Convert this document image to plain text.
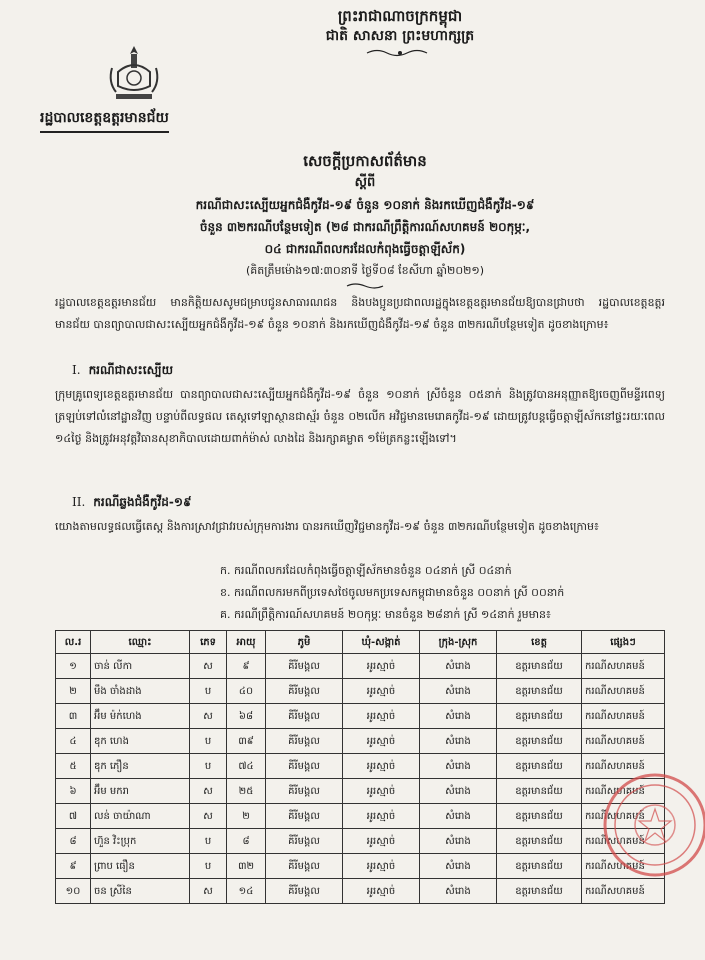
ព្រះរាជាណាចក្រកម្ពុជា
ជាតិ សាសនា ព្រះមហាក្សត្រ
រដ្ឋបាលខេត្តឧត្តរមានជ័យ
សេចក្តីប្រកាសព័ត៌មាន
ស្តីពី
ករណីជាសះស្បើយអ្នកជំងឺកូវីដ-១៩ ចំនួន ១០នាក់ និងរកឃើញជំងឺកូវីដ-១៩
ចំនួន ៣២ករណីបន្ថែមទៀត (២៨ ជាករណីព្រឹត្តិការណ៍សហគមន៍ ២០កុម្ភៈ,
០៤ ជាករណីពលករដែលកំពុងធ្វើចត្តាឡីស័ក)
(គិតត្រឹមម៉ោង១៧:៣០នាទី ថ្ងៃទី០៨ ខែសីហា ឆ្នាំ២០២១)
រដ្ឋបាលខេត្តឧត្តរមានជ័យ មានកិត្តិយសសូមជម្រាបជូនសាធារណជន និងបងប្អូនប្រជាពលរដ្ឋក្នុងខេត្តឧត្តរមានជ័យឱ្យបានជ្រាបថា រដ្ឋបាលខេត្តឧត្តរមានជ័យ បានព្យាបាលជាសះស្បើយអ្នកជំងឺកូវីដ-១៩ ចំនួន ១០នាក់ និងរកឃើញជំងឺកូវីដ-១៩ ចំនួន ៣២ករណីបន្ថែមទៀត ដូចខាងក្រោម៖
I. ករណីជាសះស្បើយ
ក្រុមគ្រូពេទ្យខេត្តឧត្តរមានជ័យ បានព្យាបាលជាសះស្បើយអ្នកជំងឺកូវីដ-១៩ ចំនួន ១០នាក់ ស្រីចំនួន ០៥នាក់ និងត្រូវបានអនុញ្ញាតឱ្យចេញពីមន្ទីរពេទ្យត្រឡប់ទៅលំនៅដ្ឋានវិញ បន្ទាប់ពីលទ្ធផល តេស្តទៅឡាស្ថានជាស្ម័រ ចំនួន ០២លើក អវិជ្ជមានមេរោគកូវីដ-១៩ ដោយត្រូវបន្តធ្វើចត្តាឡីស័កនៅផ្ទះរយៈពេល ១៤ថ្ងៃ និងត្រូវអនុវត្តវិធានសុខាភិបាលដោយពាក់ម៉ាស់ លាងដៃ និងរក្សាគម្លាត ១ម៉ែត្រកន្លះឡើងទៅ។
II. ករណីឆ្លងជំងឺកូវីដ-១៩
យោងតាមលទ្ធផលធ្វើតេស្ត និងការស្រាវជ្រាវរបស់ក្រុមការងារ បានរកឃើញវិជ្ជមានកូវីដ-១៩ ចំនួន ៣២ករណីបន្ថែមទៀត ដូចខាងក្រោម៖
ក. ករណីពលករដែលកំពុងធ្វើចត្តាឡីស័កមានចំនួន ០៤នាក់ ស្រី ០៤នាក់
ខ. ករណីពលករមកពីប្រទេសថៃចូលមកប្រទេសកម្ពុជាមានចំនួន ០០នាក់ ស្រី ០០នាក់
គ. ករណីព្រឹត្តិការណ៍សហគមន៍ ២០កុម្ភៈ មានចំនួន ២៨នាក់ ស្រី ១៤នាក់ រួមមាន៖
ល.រ	ឈ្មោះ	ភេទ	អាយុ	ភូមិ	ឃុំ-សង្កាត់	ក្រុង-ស្រុក	ខេត្ត	ផ្សេងៗ
១	ចាន់ លីកា	ស	៩	គីរីមង្គល	អូរស្មាច់	សំរោង	ឧត្តរមានជ័យ	ករណីសហគមន៍
២	មឹង ចាំងដាង	ប	៤០	គីរីមង្គល	អូរស្មាច់	សំរោង	ឧត្តរមានជ័យ	ករណីសហគមន៍
៣	អ៊ឹម ម៉ក់ហេង	ស	៦៨	គីរីមង្គល	អូរស្មាច់	សំរោង	ឧត្តរមានជ័យ	ករណីសហគមន៍
៤	ឌុក ហេង	ប	៣៩	គីរីមង្គល	អូរស្មាច់	សំរោង	ឧត្តរមានជ័យ	ករណីសហគមន៍
៥	ឌុក ភឿន	ប	៧៤	គីរីមង្គល	អូរស្មាច់	សំរោង	ឧត្តរមានជ័យ	ករណីសហគមន៍
៦	អ៊ឹម មករា	ស	២៥	គីរីមង្គល	អូរស្មាច់	សំរោង	ឧត្តរមានជ័យ	ករណីសហគមន៍
៧	លន់ ចាយ៉ាណា	ស	២	គីរីមង្គល	អូរស្មាច់	សំរោង	ឧត្តរមានជ័យ	ករណីសហគមន៍
៨	ហ៊ួន វិះប្រុក	ប	៨	គីរីមង្គល	អូរស្មាច់	សំរោង	ឧត្តរមានជ័យ	ករណីសហគមន៍
៩	ព្រាប ធឿន	ប	៣២	គីរីមង្គល	អូរស្មាច់	សំរោង	ឧត្តរមានជ័យ	ករណីសហគមន៍
១០	ចន ស្រីនៃ	ស	១៤	គីរីមង្គល	អូរស្មាច់	សំរោង	ឧត្តរមានជ័យ	ករណីសហគមន៍
